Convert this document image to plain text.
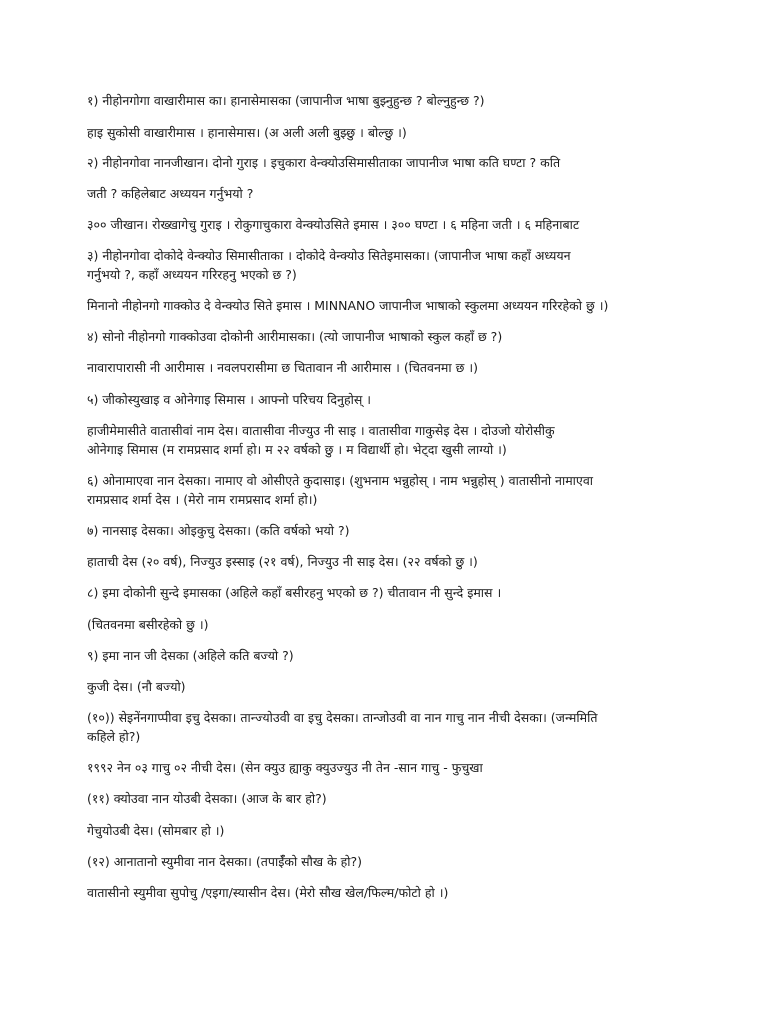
१) नीहोनगोगा वाखारीमास का। हानासेमासका (जापानीज भाषा बुझ्नुहुन्छ ? बोल्नुहुन्छ ?)
हाइ सुकोसी वाखारीमास । हानासेमास। (अ अली अली बुझ्छु । बोल्छु ।)
२) नीहोनगोवा नानजीखान। दोनो गुराइ । इचुकारा वेन्क्योउसिमासीताका जापानीज भाषा कति घण्टा ? कति
जती ? कहिलेबाट अध्ययन गर्नुभयो ?
३०० जीखान। रोख्खागेचु गुराइ । रोकुगाचुकारा वेन्क्योउसिते इमास । ३०० घण्टा । ६ महिना जती । ६ महिनाबाट
३) नीहोनगोवा दोकोदे वेन्क्योउ सिमासीताका । दोकोदे वेन्क्योउ सितेइमासका। (जापानीज भाषा कहाँ अध्ययन
गर्नुभयो ?, कहाँ अध्ययन गरिरहनु भएको छ ?)
मिनानो नीहोनगो गाक्कोउ दे वेन्क्योउ सिते इमास । MINNANO जापानीज भाषाको स्कुलमा अध्ययन गरिरहेको छु ।)
४) सोनो नीहोनगो गाक्कोउवा दोकोनी आरीमासका। (त्यो जापानीज भाषाको स्कुल कहाँ छ ?)
नावारापारासी नी आरीमास । नवलपरासीमा छ चितावान नी आरीमास । (चितवनमा छ ।)
५) जीकोस्युखाइ व ओनेगाइ सिमास । आफ्नो परिचय दिनुहोस् ।
हाजीमेमासीते वातासीवां नाम देस। वातासीवा नीज्युउ नी साइ । वातासीवा गाकुसेइ देस । दोउजो योरोसीकु
ओनेगाइ सिमास (म रामप्रसाद शर्मा हो। म २२ वर्षको छु । म विद्यार्थी हो। भेट्दा खुसी लाग्यो ।)
६) ओनामाएवा नान देसका। नामाए वो ओसीएते कुदासाइ। (शुभनाम भन्नुहोस् । नाम भन्नुहोस् ) वातासीनो नामाएवा
रामप्रसाद शर्मा देस । (मेरो नाम रामप्रसाद शर्मा हो।)
७) नानसाइ देसका। ओइकुचु देसका। (कति वर्षको भयो ?)
हाताची देस (२० वर्ष), निज्युउ इस्साइ (२१ वर्ष), निज्युउ नी साइ देस। (२२ वर्षको छु ।)
८) इमा दोकोनी सुन्दे इमासका (अहिले कहाँ बसीरहनु भएको छ ?) चीतावान नी सुन्दे इमास ।
(चितवनमा बसीरहेको छु ।)
९) इमा नान जी देसका (अहिले कति बज्यो ?)
कुजी देस। (नौ बज्यो)
(१०)) सेइनेंनगाप्पीवा इचु देसका। तान्ज्योउवी वा इचु देसका। तान्जोउवी वा नान गाचु नान नीची देसका। (जन्ममिति
कहिले हो?)
१९९२ नेन ०३ गाचु ०२ नीची देस। (सेन क्युउ ह्याकु क्युउज्युउ नी तेन -सान गाचु - फुचुखा
(११) क्योउवा नान योउबी देसका। (आज के बार हो?)
गेचुयोउबी देस। (सोमबार हो ।)
(१२) आनातानो स्युमीवा नान देसका। (तपाईँको सौख के हो?)
वातासीनो स्युमीवा सुपोचु /एइगा/स्यासीन देस। (मेरो सौख खेल/फिल्म/फोटो हो ।)
